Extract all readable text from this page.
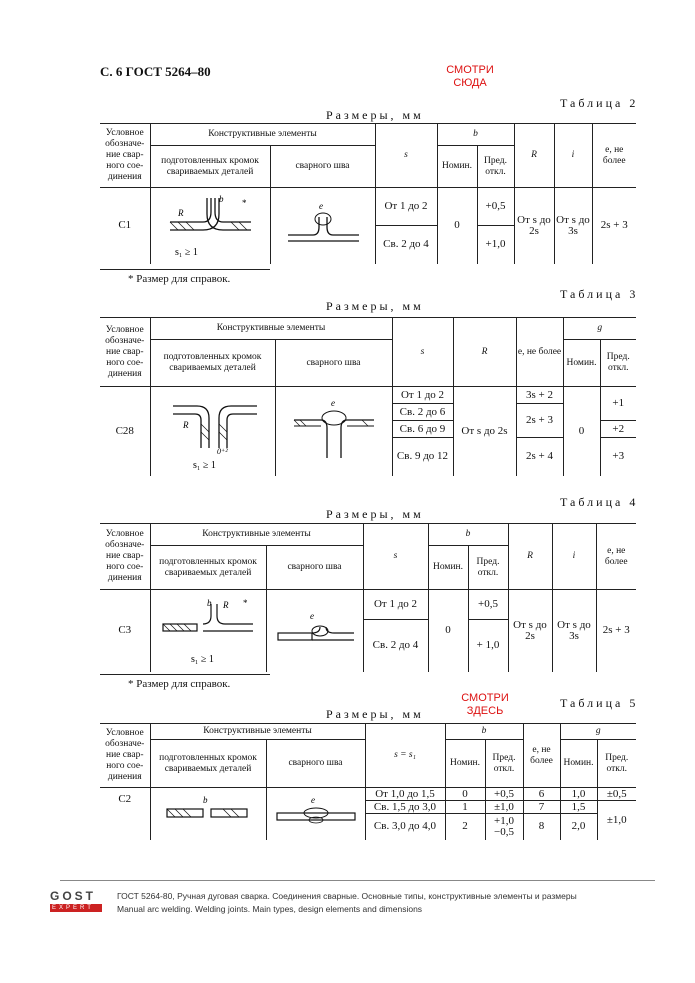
С. 6 ГОСТ 5264–80	СМОТРИ
СЮДА
Таблица 2
Размеры, мм
Условное обозначе-ние свар-ного сое-динения	Конструктивные элементы		s	b		R	i	е, не более
	подготовленных кромок свариваемых деталей	сварного шва		Номин.	Пред. откл.			
С1	R
b *
s₁ ≥ 1	e	От 1 до 2	0	+0,5	От s до 2s	От s до 3s	2s + 3
			Св. 2 до 4		+1,0			
* Размер для справок.
Таблица 3
Размеры, мм
Условное обозначе-ние свар-ного сое-динения	Конструктивные элементы		s	R	е, не более	g	
	подготовленных кромок свариваемых деталей	сварного шва				Номин.	Пред. откл.
С28	R
0⁺²
s₁ ≥ 1	e	От 1 до 2	От s до 2s	3s + 2	0	+1
			Св. 2 до 6		2s + 3		
			Св. 6 до 9				+2
			Св. 9 до 12		2s + 4		+3
Таблица 4
Размеры, мм
Условное обозначе-ние свар-ного сое-динения	Конструктивные элементы		s	b		R	i	е, не более
	подготовленных кромок свариваемых деталей	сварного шва		Номин.	Пред. откл.			
С3	b R *
s₁ ≥ 1	e	От 1 до 2	0	+0,5	От s до 2s	От s до 3s	2s + 3
			Св. 2 до 4		+ 1,0			
* Размер для справок.
СМОТРИ
ЗДЕСЬ
Таблица 5
Размеры, мм
Условное обозначе-ние свар-ного сое-динения	Конструктивные элементы		s = s₁	b		е, не более	g	
	подготовленных кромок свариваемых деталей	сварного шва		Номин.	Пред. откл.		Номин.	Пред. откл.
С2	b	e	От 1,0 до 1,5	0	+0,5	6	1,0	±0,5
			Св. 1,5 до 3,0	1	±1,0	7	1,5	±1,0
			Св. 3,0 до 4,0	2	+1,0 −0,5	8	2,0	
GOST
EXPERT
ГОСТ 5264-80, Ручная дуговая сварка. Соединения сварные. Основные типы, конструктивные элементы и размеры
Manual arc welding. Welding joints. Main types, design elements and dimensions
